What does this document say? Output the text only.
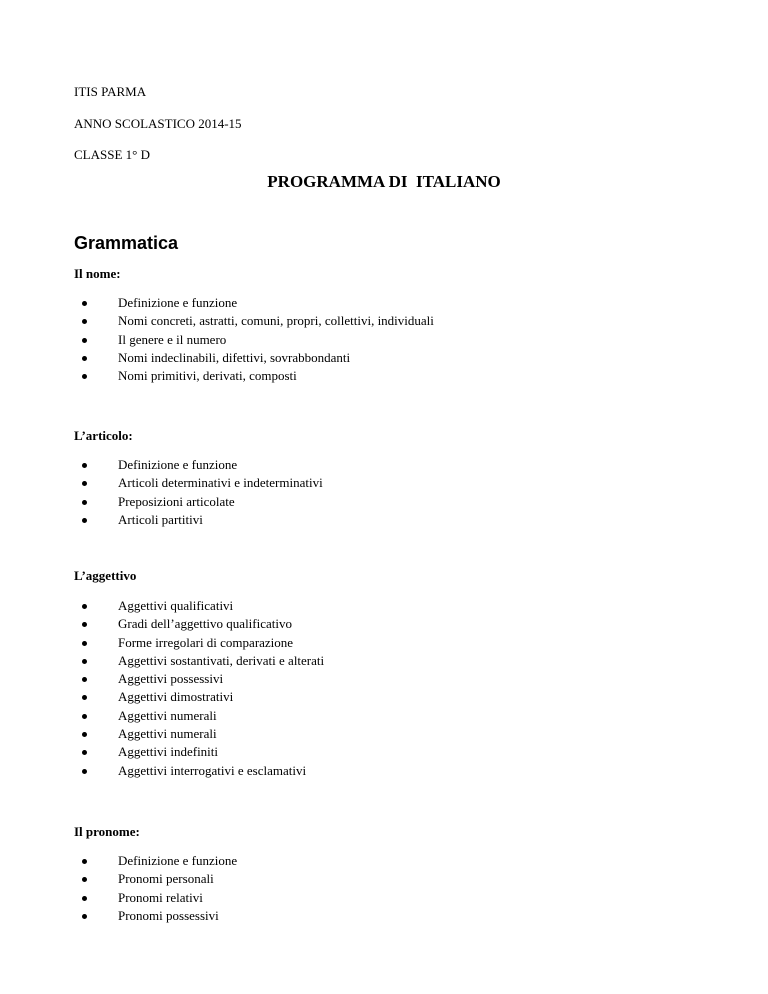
ITIS PARMA
ANNO SCOLASTICO 2014-15
CLASSE 1° D
PROGRAMMA DI  ITALIANO
Grammatica
Il nome:
Definizione e funzione
Nomi concreti, astratti, comuni, propri, collettivi, individuali
Il genere e il numero
Nomi indeclinabili, difettivi, sovrabbondanti
Nomi primitivi, derivati, composti
L’articolo:
Definizione e funzione
Articoli determinativi e indeterminativi
Preposizioni articolate
Articoli partitivi
L’aggettivo
Aggettivi qualificativi
Gradi dell’aggettivo qualificativo
Forme irregolari di comparazione
Aggettivi sostantivati, derivati e alterati
Aggettivi possessivi
Aggettivi dimostrativi
Aggettivi numerali
Aggettivi numerali
Aggettivi indefiniti
Aggettivi interrogativi e esclamativi
Il pronome:
Definizione e funzione
Pronomi personali
Pronomi relativi
Pronomi possessivi
